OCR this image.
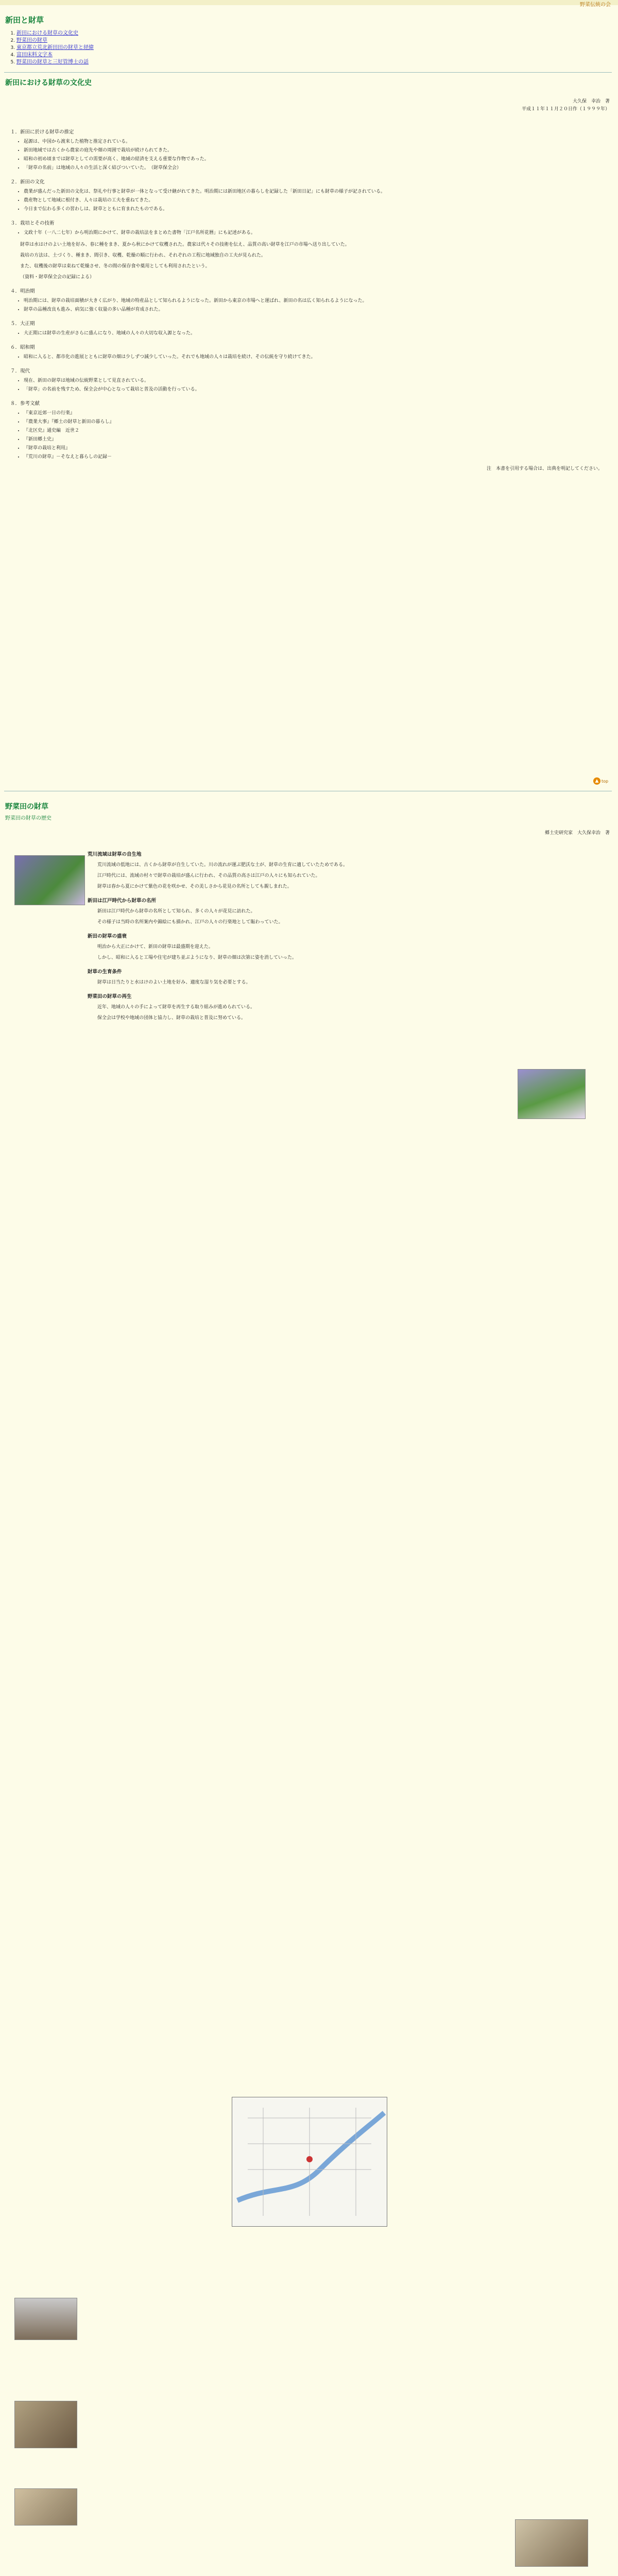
野菜伝統の会
新田と財草
1. 新田における財草の文化史
2. 野菜田の財草
3. 東京都立荒北新田田の財草と経緯
4. 富田床料文字本
5. 野菜田の財草と三好管博士の話
新田における財草の文化史
大久保　幸治　著
平成１１年１１月２０日作（１９９９年）
１．新田に於ける財草の推定
• 起源は、中国から渡来した植物と推定されている。
• 新田地域では古くから農家の庭先や畑の周囲で栽培が続けられてきた。
• 昭和の初め頃までは財草としての需要が高く、地域の経済を支える重要な作物であった。
• 「財草の名前」は地域の人々の生活と深く結びついていた。　（財草保全会）
２．新田の文化
• 農業が盛んだった新田の文化は、祭礼や行事と財草が一体となって受け継がれてきた。明治期には新田地区の暮らしを記録した「新田日記」にも財草の様子が記されている。
• 農産物として地域に根付き、人々は栽培の工夫を重ねてきた。
• 今日まで伝わる多くの習わしは、財草とともに育まれたものである。
３．栽培とその技術
• 文政十年（一八二七年）から明治期にかけて、財草の栽培法をまとめた書物「江戸名所花暦」にも記述がある。

財草は水はけのよい土地を好み、春に種をまき、夏から秋にかけて収穫された。農家は代々その技術を伝え、品質の高い財草を江戸の市場へ送り出していた。

栽培の方法は、土づくり、種まき、間引き、収穫、乾燥の順に行われ、それぞれの工程に地域独自の工夫が見られた。

また、収穫後の財草は束ねて乾燥させ、冬の間の保存食や薬用としても利用されたという。

（資料・財草保全会の記録による）

４．明治期
• 明治期には、財草の栽培面積が大きく広がり、地域の特産品として知られるようになった。新田から東京の市場へと運ばれ、新田の名は広く知られるようになった。
• 財草の品種改良も進み、病気に強く収量の多い品種が育成された。
５．大正期
• 大正期には財草の生産がさらに盛んになり、地域の人々の大切な収入源となった。
６．昭和期
• 昭和に入ると、都市化の進展とともに財草の畑は少しずつ減少していった。それでも地域の人々は栽培を続け、その伝統を守り続けてきた。
７．現代
• 現在、新田の財草は地域の伝統野菜として見直されている。
• 「財草」の名前を残すため、保全会が中心となって栽培と普及の活動を行っている。
８．参考文献
• 『東京近郊一日の行楽』
• 『農業大事』『郷土の財草と新田の暮らし』
• 『北区史』通史編　近世２
• 『新田郷土史』
• 『財草の栽培と利用』
• 『荒川の財草』－そなえと暮らしの記録－

注　本書を引用する場合は、出典を明記してください。

▲ top
野菜田の財草
野菜田の財草の歴史
郷土史研究家　大久保幸治　著
荒川流域は財草の自生地

荒川流域の低地には、古くから財草が自生していた。川の流れが運ぶ肥沃な土が、財草の生育に適していたためである。

江戸時代には、流域の村々で財草の栽培が盛んに行われ、その品質の高さは江戸の人々にも知られていた。

財草は春から夏にかけて紫色の花を咲かせ、その美しさから花見の名所としても親しまれた。

新田は江戸時代から財草の名所

新田は江戸時代から財草の名所として知られ、多くの人々が花見に訪れた。

その様子は当時の名所案内や錦絵にも描かれ、江戸の人々の行楽地として賑わっていた。

新田の財草の盛衰

明治から大正にかけて、新田の財草は最盛期を迎えた。

しかし、昭和に入ると工場や住宅が建ち並ぶようになり、財草の畑は次第に姿を消していった。

財草の生育条件

財草は日当たりと水はけのよい土地を好み、適度な湿り気を必要とする。

野菜田の財草の再生

近年、地域の人々の手によって財草を再生する取り組みが進められている。

保全会は学校や地域の団体と協力し、財草の栽培と普及に努めている。
